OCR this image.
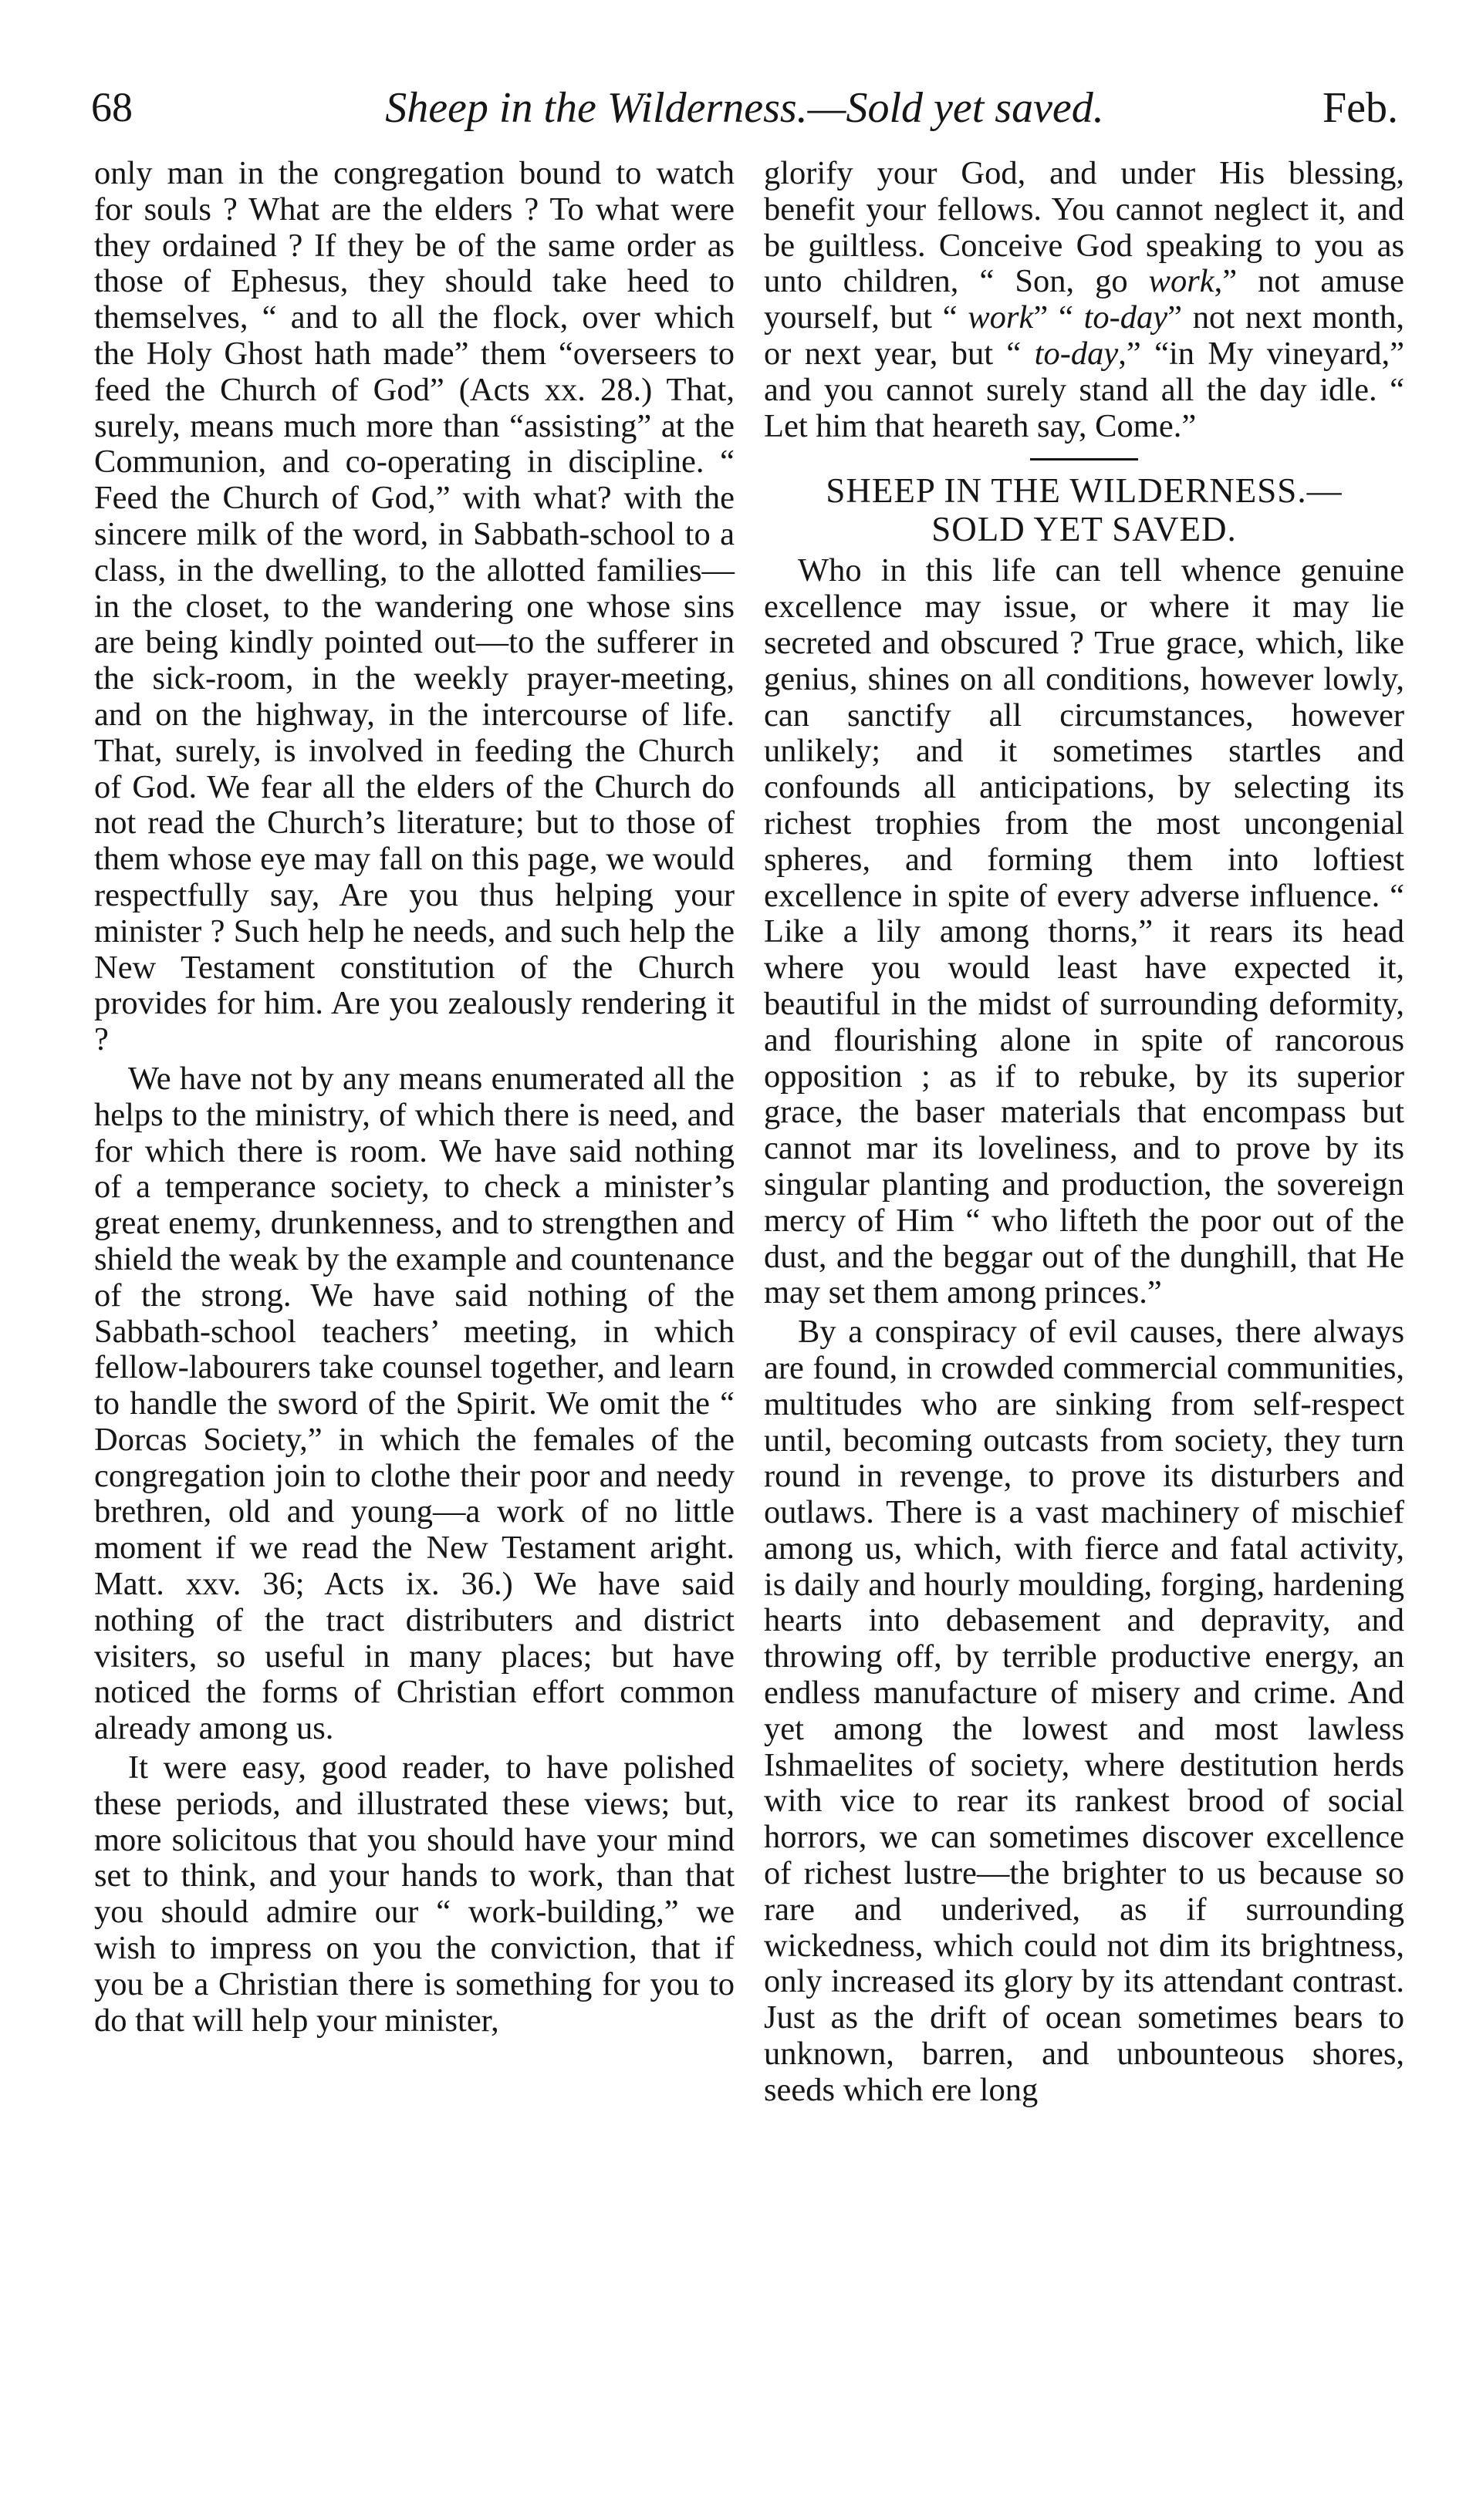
68	Sheep in the Wilderness.—Sold yet saved.	Feb.

only man in the congregation bound to watch for souls ? What are the elders ? To what were they ordained ? If they be of the same order as those of Ephesus, they should take heed to themselves, “ and to all the flock, over which the Holy Ghost hath made” them “overseers to feed the Church of God” (Acts xx. 28.) That, surely, means much more than “assisting” at the Communion, and co-operating in discipline. “ Feed the Church of God,” with what? with the sincere milk of the word, in Sabbath-school to a class, in the dwelling, to the allotted families—in the closet, to the wandering one whose sins are being kindly pointed out—to the sufferer in the sick-room, in the weekly prayer-meeting, and on the highway, in the intercourse of life. That, surely, is involved in feeding the Church of God. We fear all the elders of the Church do not read the Church’s literature; but to those of them whose eye may fall on this page, we would respectfully say, Are you thus helping your minister ? Such help he needs, and such help the New Testament constitution of the Church provides for him. Are you zealously rendering it ?

We have not by any means enumerated all the helps to the ministry, of which there is need, and for which there is room. We have said nothing of a temperance society, to check a minister’s great enemy, drunkenness, and to strengthen and shield the weak by the example and countenance of the strong. We have said nothing of the Sabbath-school teachers’ meeting, in which fellow-labourers take counsel together, and learn to handle the sword of the Spirit. We omit the “ Dorcas Society,” in which the females of the congregation join to clothe their poor and needy brethren, old and young—a work of no little moment if we read the New Testament aright. Matt. xxv. 36; Acts ix. 36.) We have said nothing of the tract distributers and district visiters, so useful in many places; but have noticed the forms of Christian effort common already among us.

It were easy, good reader, to have polished these periods, and illustrated these views; but, more solicitous that you should have your mind set to think, and your hands to work, than that you should admire our “ work-building,” we wish to impress on you the conviction, that if you be a Christian there is something for you to do that will help your minister,

glorify your God, and under His blessing, benefit your fellows. You cannot neglect it, and be guiltless. Conceive God speaking to you as unto children, “ Son, go work,” not amuse yourself, but “ work” “ to-day” not next month, or next year, but “ to-day,” “in My vineyard,” and you cannot surely stand all the day idle. “ Let him that heareth say, Come.”

SHEEP IN THE WILDERNESS.—
SOLD YET SAVED.

Who in this life can tell whence genuine excellence may issue, or where it may lie secreted and obscured ? True grace, which, like genius, shines on all conditions, however lowly, can sanctify all circumstances, however unlikely; and it sometimes startles and confounds all anticipations, by selecting its richest trophies from the most uncongenial spheres, and forming them into loftiest excellence in spite of every adverse influence. “ Like a lily among thorns,” it rears its head where you would least have expected it, beautiful in the midst of surrounding deformity, and flourishing alone in spite of rancorous opposition ; as if to rebuke, by its superior grace, the baser materials that encompass but cannot mar its loveliness, and to prove by its singular planting and production, the sovereign mercy of Him “ who lifteth the poor out of the dust, and the beggar out of the dunghill, that He may set them among princes.”

By a conspiracy of evil causes, there always are found, in crowded commercial communities, multitudes who are sinking from self-respect until, becoming outcasts from society, they turn round in revenge, to prove its disturbers and outlaws. There is a vast machinery of mischief among us, which, with fierce and fatal activity, is daily and hourly moulding, forging, hardening hearts into debasement and depravity, and throwing off, by terrible productive energy, an endless manufacture of misery and crime. And yet among the lowest and most lawless Ishmaelites of society, where destitution herds with vice to rear its rankest brood of social horrors, we can sometimes discover excellence of richest lustre—the brighter to us because so rare and underived, as if surrounding wickedness, which could not dim its brightness, only increased its glory by its attendant contrast. Just as the drift of ocean sometimes bears to unknown, barren, and unbounteous shores, seeds which ere long
